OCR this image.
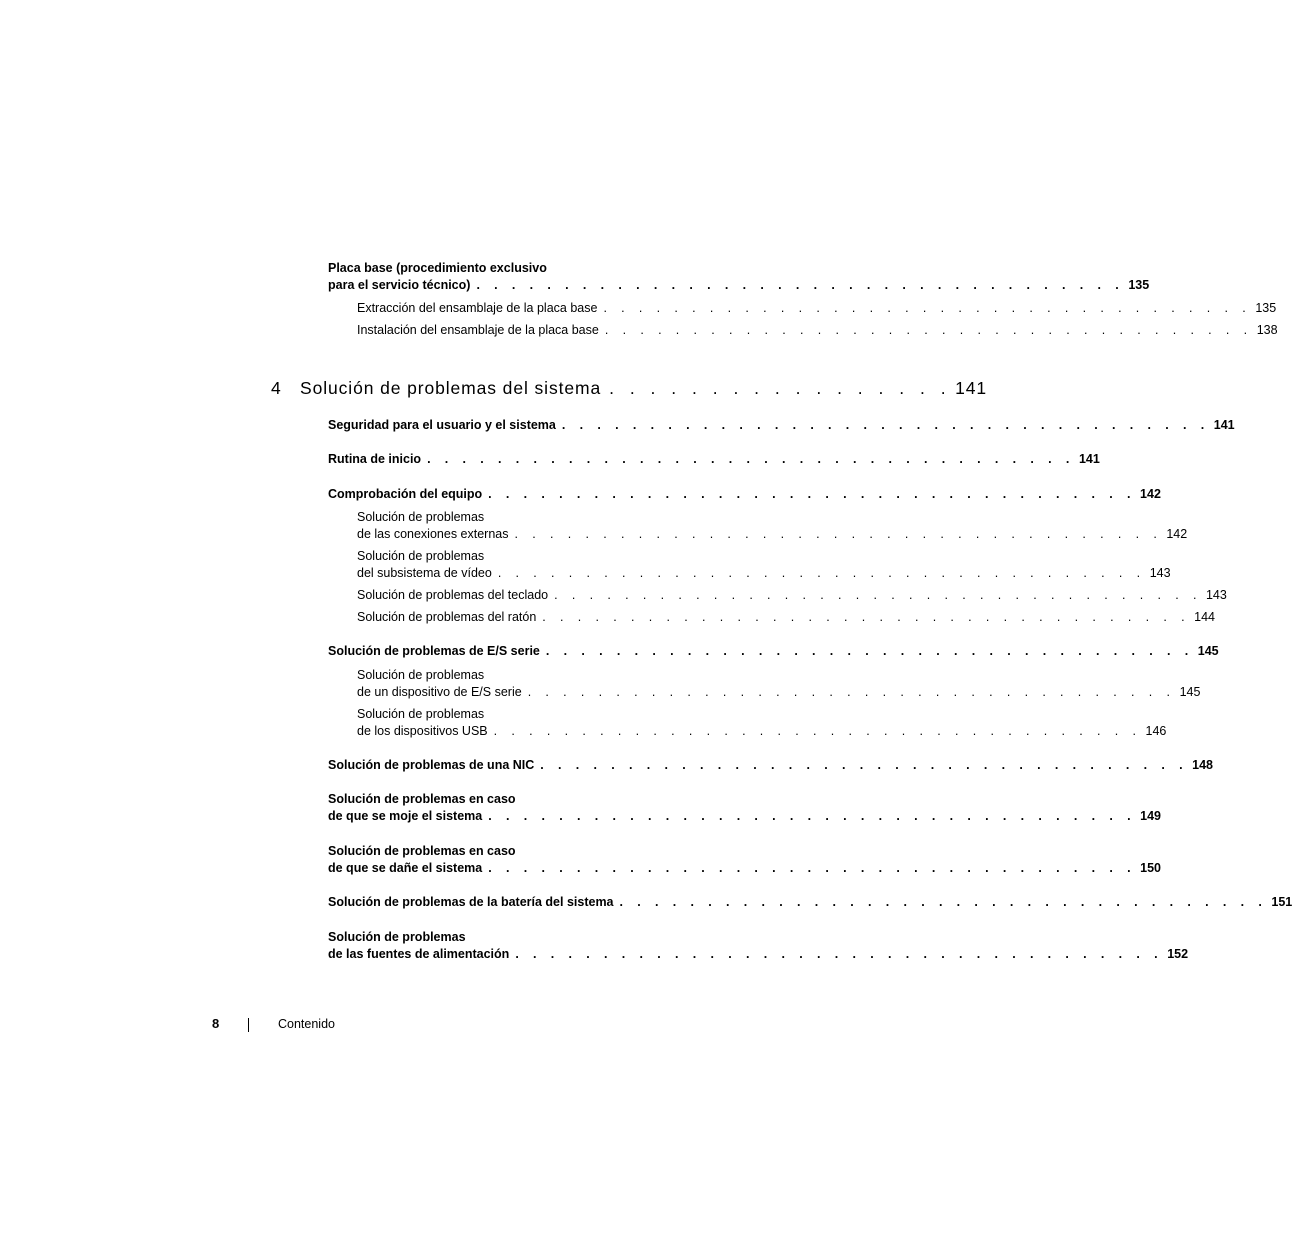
Placa base (procedimiento exclusivo
para el servicio técnico) . . . . . . . . . . . . . . . . . . . . . . . . . . . . . . . . . . . . . 135
Extracción del ensamblaje de la placa base . . . . . . . . . . . . . . . . . . . . . . . . . . . . . . . . . . . . . 135
Instalación del ensamblaje de la placa base . . . . . . . . . . . . . . . . . . . . . . . . . . . . . . . . . . . . . 138
4	Solución de problemas del sistema . . . . . . . . . . . . . . . . . 141
Seguridad para el usuario y el sistema . . . . . . . . . . . . . . . . . . . . . . . . . . . . . . . . . . . . . 141
Rutina de inicio . . . . . . . . . . . . . . . . . . . . . . . . . . . . . . . . . . . . . 141
Comprobación del equipo . . . . . . . . . . . . . . . . . . . . . . . . . . . . . . . . . . . . . 142
Solución de problemas
de las conexiones externas . . . . . . . . . . . . . . . . . . . . . . . . . . . . . . . . . . . . . 142
Solución de problemas
del subsistema de vídeo . . . . . . . . . . . . . . . . . . . . . . . . . . . . . . . . . . . . . 143
Solución de problemas del teclado . . . . . . . . . . . . . . . . . . . . . . . . . . . . . . . . . . . . . 143
Solución de problemas del ratón . . . . . . . . . . . . . . . . . . . . . . . . . . . . . . . . . . . . . 144
Solución de problemas de E/S serie . . . . . . . . . . . . . . . . . . . . . . . . . . . . . . . . . . . . . 145
Solución de problemas
de un dispositivo de E/S serie . . . . . . . . . . . . . . . . . . . . . . . . . . . . . . . . . . . . . 145
Solución de problemas
de los dispositivos USB . . . . . . . . . . . . . . . . . . . . . . . . . . . . . . . . . . . . . 146
Solución de problemas de una NIC . . . . . . . . . . . . . . . . . . . . . . . . . . . . . . . . . . . . . 148
Solución de problemas en caso
de que se moje el sistema . . . . . . . . . . . . . . . . . . . . . . . . . . . . . . . . . . . . . 149
Solución de problemas en caso
de que se dañe el sistema . . . . . . . . . . . . . . . . . . . . . . . . . . . . . . . . . . . . . 150
Solución de problemas de la batería del sistema . . . . . . . . . . . . . . . . . . . . . . . . . . . . . . . . . . . . . 151
Solución de problemas
de las fuentes de alimentación . . . . . . . . . . . . . . . . . . . . . . . . . . . . . . . . . . . . . 152
8	Contenido
